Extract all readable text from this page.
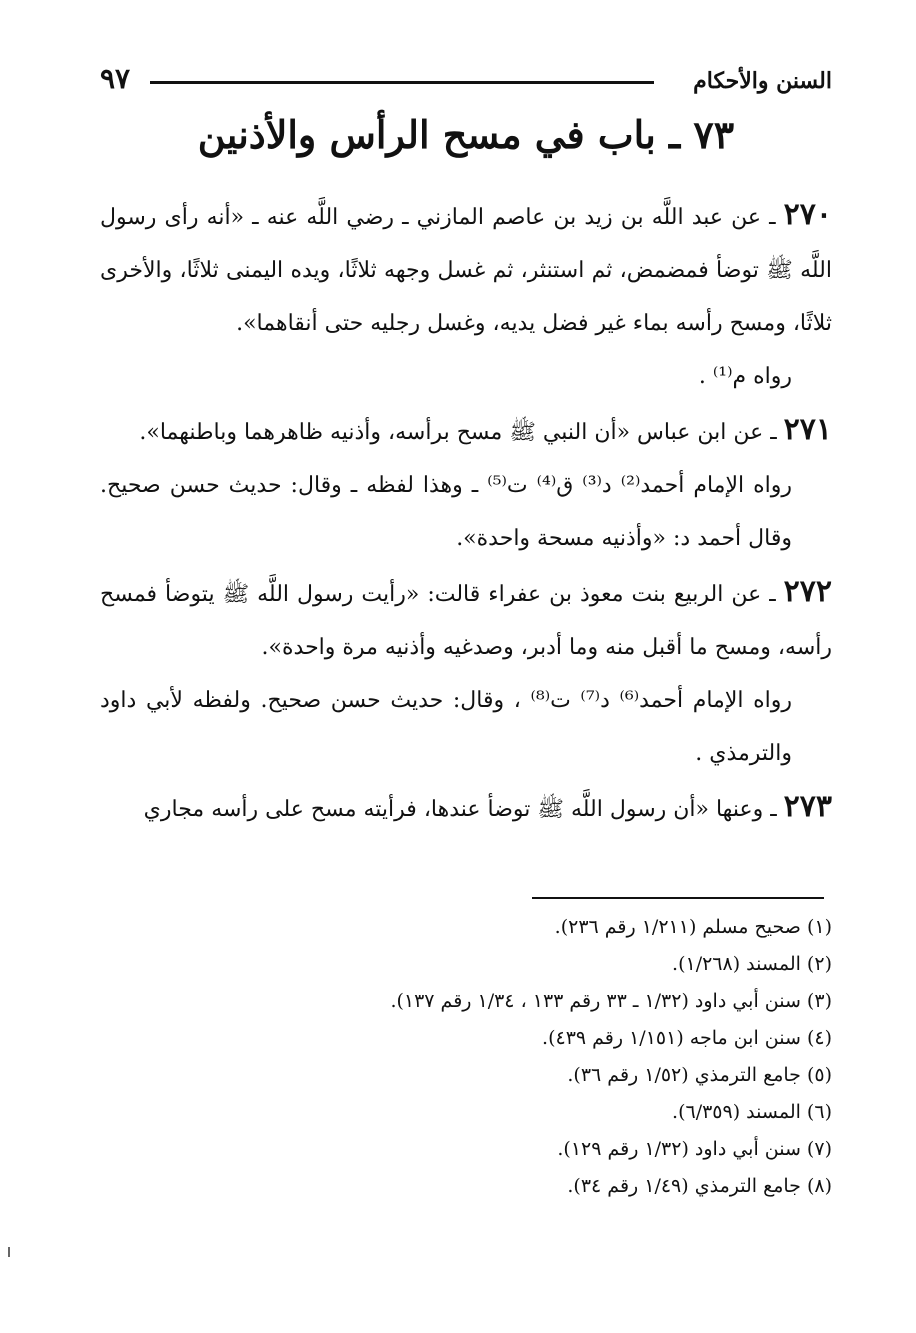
السنن والأحكام
٩٧
٧٣ ـ باب في مسح الرأس والأذنين

٢٧٠ ـ عن عبد اللَّه بن زيد بن عاصم المازني ـ رضي اللَّه عنه ـ «أنه رأى رسول اللَّه ﷺ توضأ فمضمض، ثم استنثر، ثم غسل وجهه ثلاثًا، ويده اليمنى ثلاثًا، والأخرى ثلاثًا، ومسح رأسه بماء غير فضل يديه، وغسل رجليه حتى أنقاهما».

رواه م⁽¹⁾ .

٢٧١ ـ عن ابن عباس «أن النبي ﷺ مسح برأسه، وأذنيه ظاهرهما وباطنهما».

رواه الإمام أحمد⁽²⁾ د⁽³⁾ ق⁽⁴⁾ ت⁽⁵⁾ ـ وهذا لفظه ـ وقال: حديث حسن صحيح. وقال أحمد د: «وأذنيه مسحة واحدة».

٢٧٢ ـ عن الربيع بنت معوذ بن عفراء قالت: «رأيت رسول اللَّه ﷺ يتوضأ فمسح رأسه، ومسح ما أقبل منه وما أدبر، وصدغيه وأذنيه مرة واحدة».

رواه الإمام أحمد⁽⁶⁾ د⁽⁷⁾ ت⁽⁸⁾ ، وقال: حديث حسن صحيح. ولفظه لأبي داود والترمذي .

٢٧٣ ـ وعنها «أن رسول اللَّه ﷺ توضأ عندها، فرأيته مسح على رأسه مجاري

(١) صحيح مسلم (١/٢١١ رقم ٢٣٦).

(٢) المسند (١/٢٦٨).

(٣) سنن أبي داود (١/٣٢ ـ ٣٣ رقم ١٣٣ ، ١/٣٤ رقم ١٣٧).

(٤) سنن ابن ماجه (١/١٥١ رقم ٤٣٩).

(٥) جامع الترمذي (١/٥٢ رقم ٣٦).

(٦) المسند (٦/٣٥٩).

(٧) سنن أبي داود (١/٣٢ رقم ١٢٩).

(٨) جامع الترمذي (١/٤٩ رقم ٣٤).
